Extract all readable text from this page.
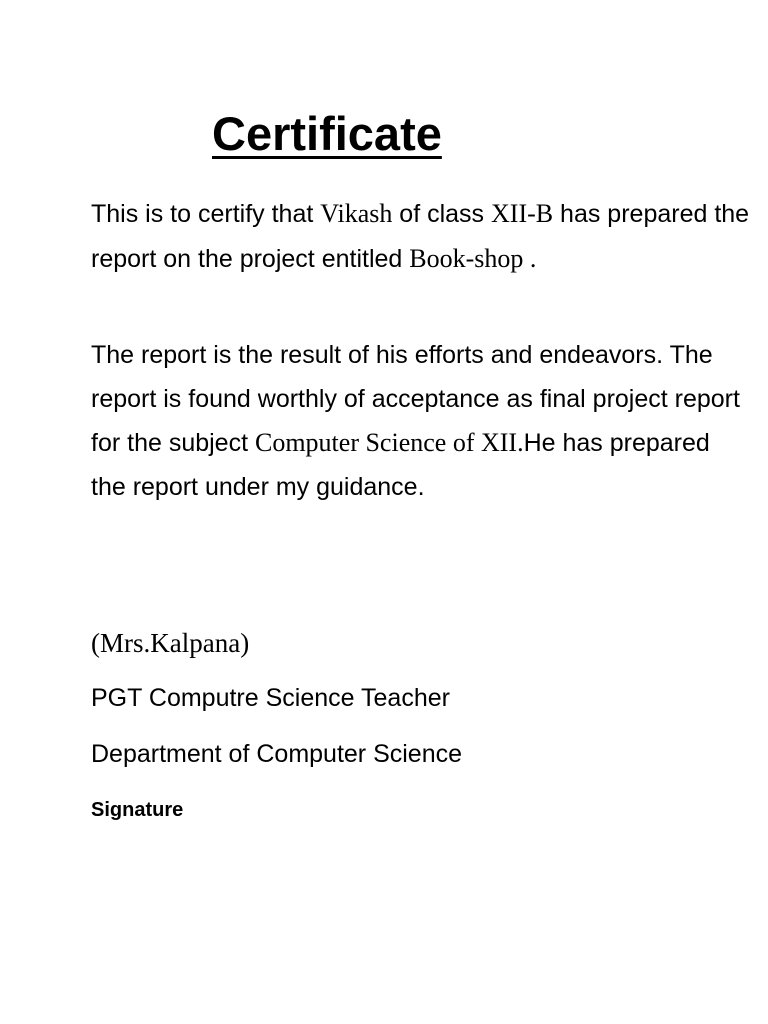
Certificate

This is to certify that Vikash of class XII-B has prepared the report on the project entitled Book-shop .

The report is the result of his efforts and endeavors. The report is found worthly of acceptance as final project report for the subject Computer Science of XII.He has prepared the report under my guidance.

(Mrs.Kalpana)

PGT Computre Science Teacher

Department of Computer Science

Signature
